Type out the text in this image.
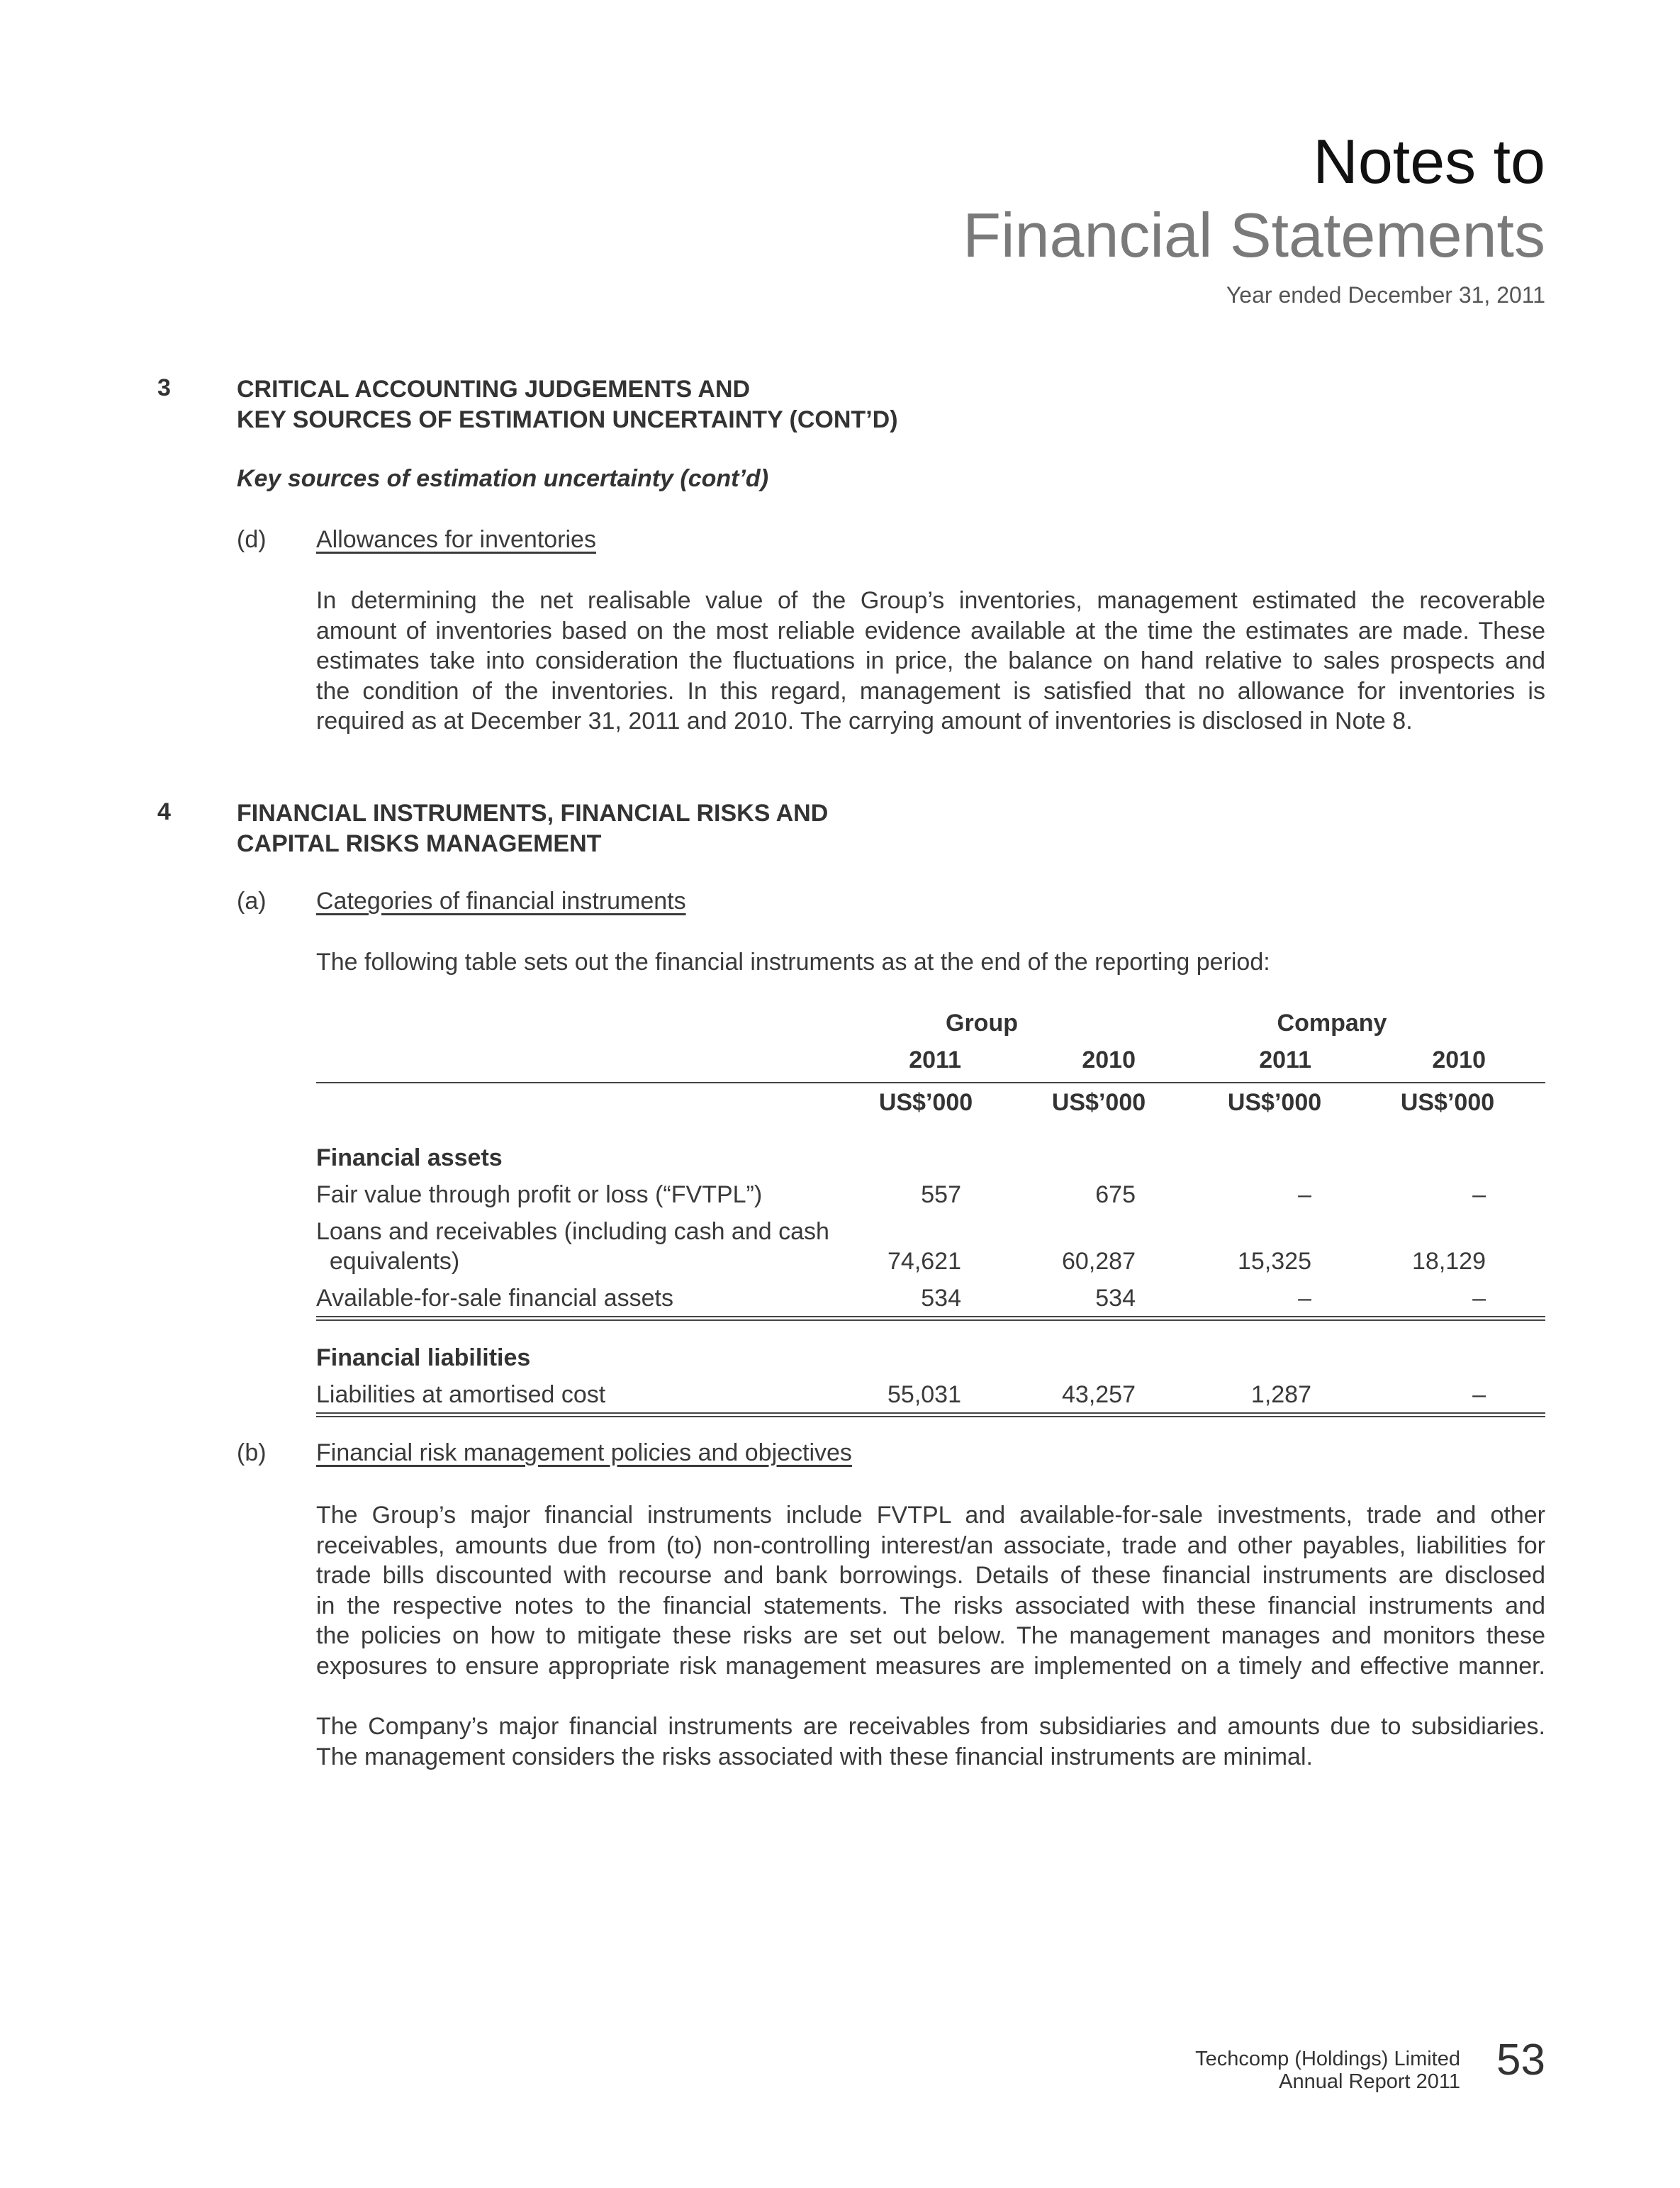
Notes to
Financial Statements
Year ended December 31, 2011
3	CRITICAL ACCOUNTING JUDGEMENTS AND
KEY SOURCES OF ESTIMATION UNCERTAINTY (CONT’D)
Key sources of estimation uncertainty (cont’d)
(d) Allowances for inventories
In determining the net realisable value of the Group’s inventories, management estimated the recoverable
amount of inventories based on the most reliable evidence available at the time the estimates are made. These
estimates take into consideration the fluctuations in price, the balance on hand relative to sales prospects and
the condition of the inventories. In this regard, management is satisfied that no allowance for inventories is
required as at December 31, 2011 and 2010. The carrying amount of inventories is disclosed in Note 8.
4	FINANCIAL INSTRUMENTS, FINANCIAL RISKS AND
CAPITAL RISKS MANAGEMENT
(a) Categories of financial instruments
The following table sets out the financial instruments as at the end of the reporting period:
Group	Company
2011	2010	2011	2010
US$’000	US$’000	US$’000	US$’000
Financial assets
Fair value through profit or loss (“FVTPL”)	557	675	–	–
Loans and receivables (including cash and cash
equivalents)	74,621	60,287	15,325	18,129
Available-for-sale financial assets	534	534	–	–
Financial liabilities
Liabilities at amortised cost	55,031	43,257	1,287	–
(b) Financial risk management policies and objectives
The Group’s major financial instruments include FVTPL and available-for-sale investments, trade and other
receivables, amounts due from (to) non-controlling interest/an associate, trade and other payables, liabilities for
trade bills discounted with recourse and bank borrowings. Details of these financial instruments are disclosed
in the respective notes to the financial statements. The risks associated with these financial instruments and
the policies on how to mitigate these risks are set out below. The management manages and monitors these
exposures to ensure appropriate risk management measures are implemented on a timely and effective manner.
The Company’s major financial instruments are receivables from subsidiaries and amounts due to subsidiaries.
The management considers the risks associated with these financial instruments are minimal.
Techcomp (Holdings) Limited
Annual Report 2011 53
